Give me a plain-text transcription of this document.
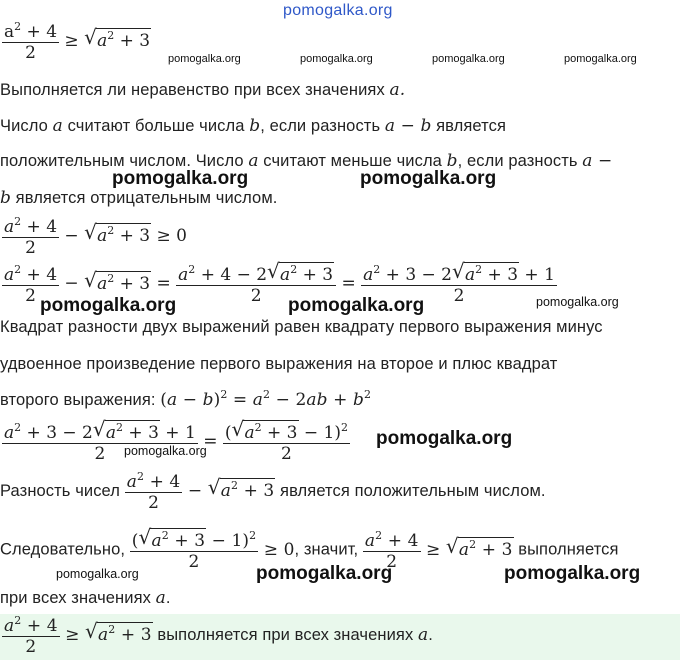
pomogalka.org
$\frac{a^2 + 4}{2}$ ≥ √ $a^2 + 3$
pomogalka.org	pomogalka.org	pomogalka.org	pomogalka.org
Выполняется ли неравенство при всех значениях a.
Число a считают больше числа b, если разность a − b является
положительным числом. Число a считают меньше числа b, если разность a −
pomogalka.org	pomogalka.org
b является отрицательным числом.
$\frac{a^2 + 4}{2}$ − √ $a^2 + 3 \ge 0$
$\frac{a^2 + 4}{2}$ − √ $a^2 + 3 = \frac{a^2 + 4 - 2 √ a^2 + 3}{2} = \frac{a^2 + 3 - 2 √ a^2 + 3 + 1}{2}$
pomogalka.org	pomogalka.org	pomogalka.org
Квадрат разности двух выражений равен квадрату первого выражения минус
удвоенное произведение первого выражения на второе и плюс квадрат
второго выражения: $(a - b)^2 = a^2 - 2ab + b^2$
$\frac{a^2 + 3 - 2 √ a^2 + 3 + 1}{2} = \frac{( √ a^2 + 3 - 1)^2}{2}$
pomogalka.org
pomogalka.org
Разность чисел $\frac{a^2 + 4}{2}$ − √ $a^2 + 3$ является положительным числом.
Следовательно, $\frac{( √ a^2 + 3 - 1)^2}{2} \ge 0$, значит, $\frac{a^2 + 4}{2}$ ≥ √ $a^2 + 3$ выполняется
pomogalka.org	pomogalka.org	pomogalka.org
при всех значениях a.
$\frac{a^2 + 4}{2}$ ≥ √ $a^2 + 3$ выполняется при всех значениях a.
